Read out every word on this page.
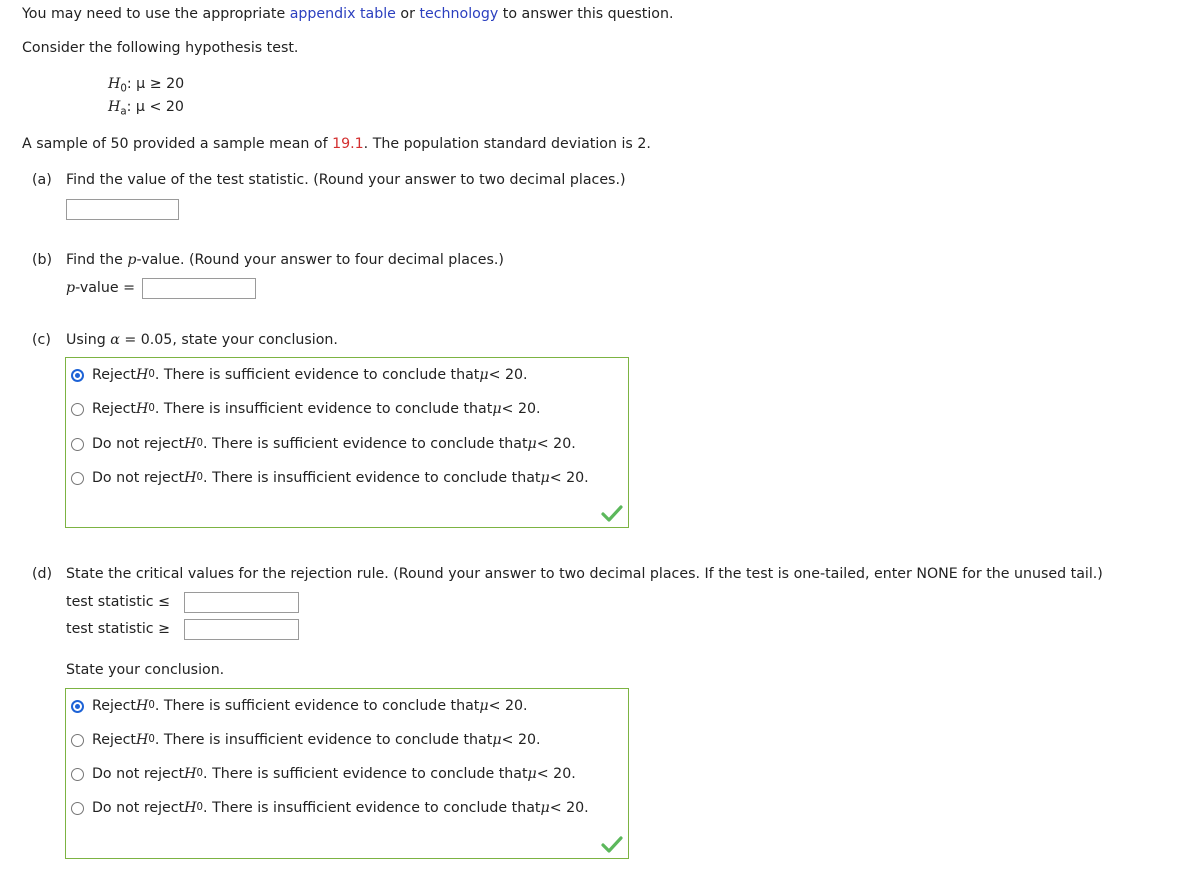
You may need to use the appropriate appendix table or technology to answer this question.
Consider the following hypothesis test.
$H_0$: μ ≥ 20
$H_a$: μ < 20
A sample of 50 provided a sample mean of 19.1. The population standard deviation is 2.
(a) Find the value of the test statistic. (Round your answer to two decimal places.)
(b) Find the p-value. (Round your answer to four decimal places.)
p-value =
(c) Using α = 0.05, state your conclusion.
Reject H 0 . There is sufficient evidence to conclude that μ < 20.
Reject H 0 . There is insufficient evidence to conclude that μ < 20.
Do not reject H 0 . There is sufficient evidence to conclude that μ < 20.
Do not reject H 0 . There is insufficient evidence to conclude that μ < 20.
(d) State the critical values for the rejection rule. (Round your answer to two decimal places. If the test is one-tailed, enter NONE for the unused tail.)
test statistic ≤
test statistic ≥
State your conclusion.
Reject H 0 . There is sufficient evidence to conclude that μ < 20.
Reject H 0 . There is insufficient evidence to conclude that μ < 20.
Do not reject H 0 . There is sufficient evidence to conclude that μ < 20.
Do not reject H 0 . There is insufficient evidence to conclude that μ < 20.
